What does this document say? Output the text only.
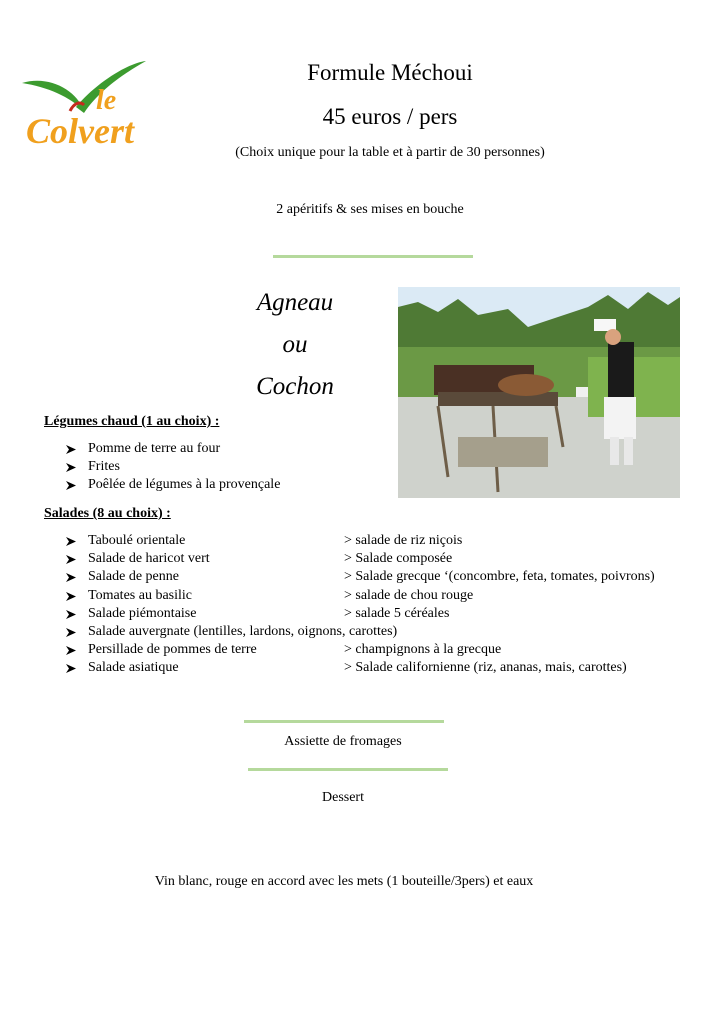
le
Colvert
Formule Méchoui
45 euros / pers
(Choix unique pour la table et à partir de 30 personnes)
2 apéritifs & ses mises en bouche
Agneau
ou
Cochon
Légumes chaud (1 au choix) :
Pomme de terre au four
Frites
Poêlée de légumes à la provençale
Salades (8 au choix) :
Taboulé orientale	> salade de riz niçois
Salade de haricot vert	> Salade composée
Salade de penne	> Salade grecque ‘(concombre, feta, tomates, poivrons)
Tomates au basilic	> salade de chou rouge
Salade piémontaise	> salade 5 céréales
Salade auvergnate (lentilles, lardons, oignons, carottes)
Persillade de pommes de terre	> champignons à la grecque
Salade asiatique	> Salade californienne (riz, ananas, mais, carottes)
Assiette de fromages
Dessert
Vin blanc, rouge en accord avec les mets (1 bouteille/3pers) et eaux
